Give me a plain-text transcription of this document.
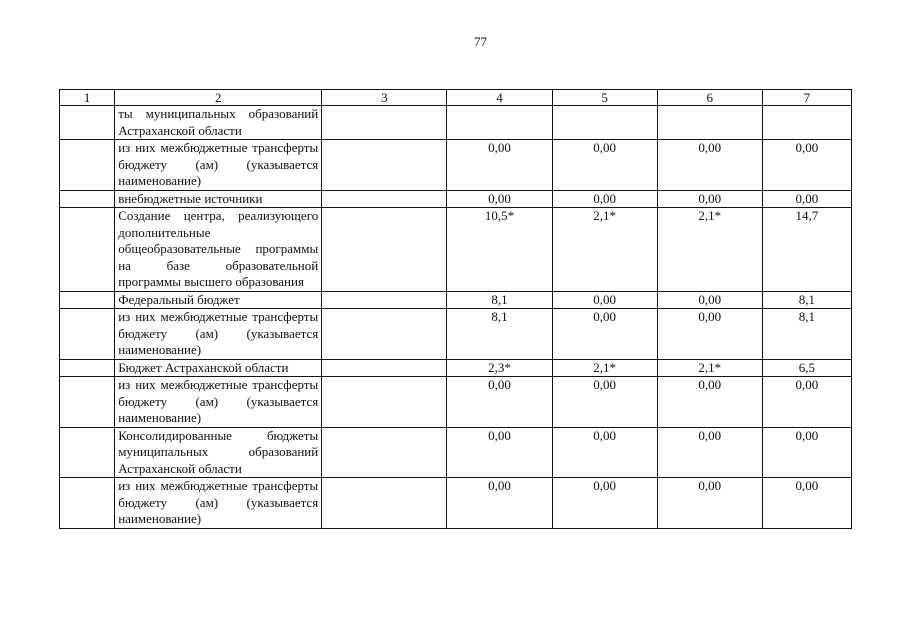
77
1	2	3	4	5	6	7
	ты муниципальных образований Астраханской области					
	из них межбюджетные трансферты бюджету (ам) (указывается наименование)		0,00	0,00	0,00	0,00
	внебюджетные источники		0,00	0,00	0,00	0,00
	Создание центра, реализующего дополнительные общеобразовательные программы на базе образовательной программы высшего образования		10,5*	2,1*	2,1*	14,7
	Федеральный бюджет		8,1	0,00	0,00	8,1
	из них межбюджетные трансферты бюджету (ам) (указывается наименование)		8,1	0,00	0,00	8,1
	Бюджет Астраханской области		2,3*	2,1*	2,1*	6,5
	из них межбюджетные трансферты бюджету (ам) (указывается наименование)		0,00	0,00	0,00	0,00
	Консолидированные бюджеты муниципальных образований Астраханской области		0,00	0,00	0,00	0,00
	из них межбюджетные трансферты бюджету (ам) (указывается наименование)		0,00	0,00	0,00	0,00
